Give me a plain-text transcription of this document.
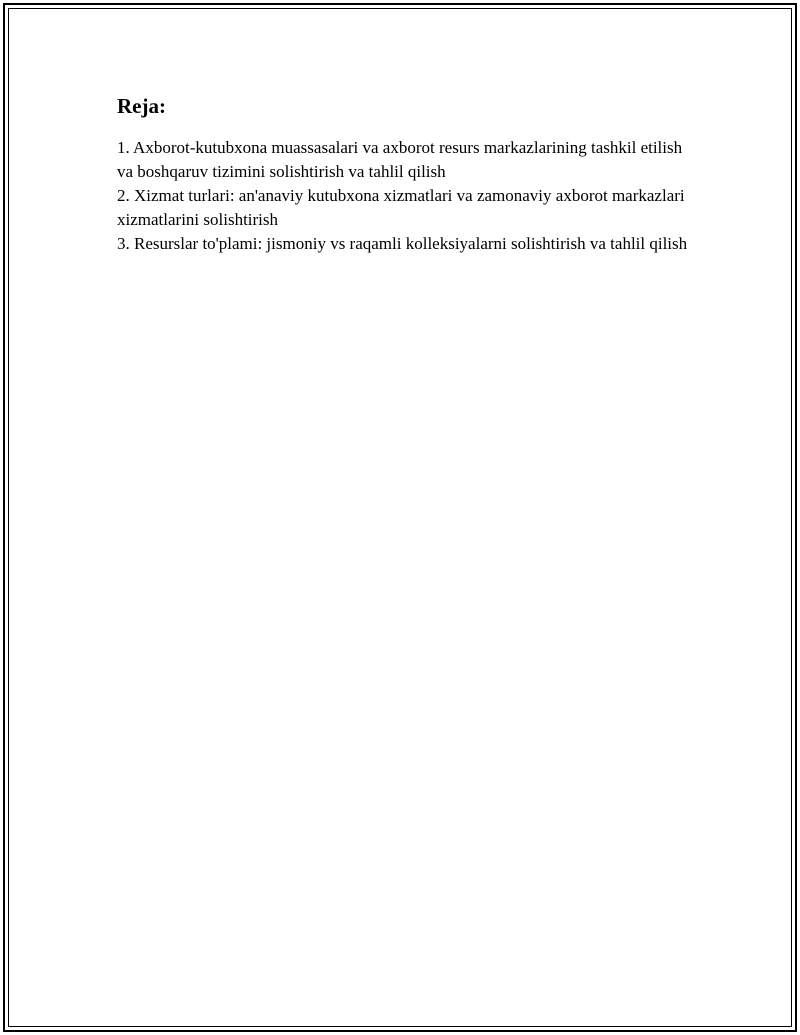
Reja:
1. Axborot-kutubxona muassasalari va axborot resurs markazlarining tashkil etilish va boshqaruv tizimini solishtirish va tahlil qilish
2. Xizmat turlari: an'anaviy kutubxona xizmatlari va zamonaviy axborot markazlari xizmatlarini solishtirish
3. Resurslar to'plami: jismoniy vs raqamli kolleksiyalarni solishtirish va tahlil qilish
